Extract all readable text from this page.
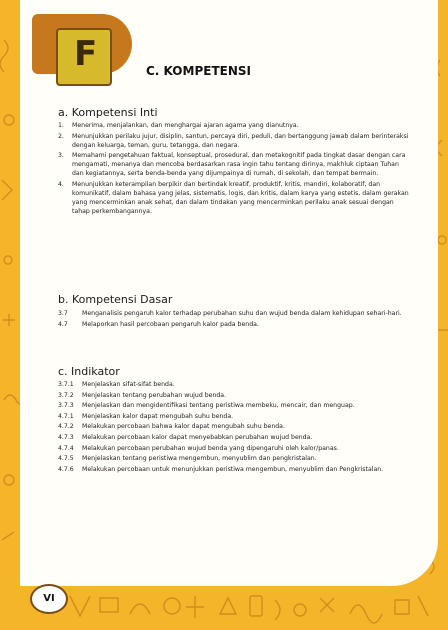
F	C. KOMPETENSI
a. Kompetensi Inti
1. Menerima, menjalankan, dan menghargai ajaran agama yang dianutnya.
2. Menunjukkan perilaku jujur, disiplin, santun, percaya diri, peduli, dan bertanggung jawab dalam berinteraksi dengan keluarga, teman, guru, tetangga, dan negara.
3. Memahami pengetahuan faktual, konseptual, prosedural, dan metakognitif pada tingkat dasar dengan cara mengamati, menanya dan mencoba berdasarkan rasa ingin tahu tentang dirinya, makhluk ciptaan Tuhan dan kegiatannya, serta benda-benda yang dijumpainya di rumah, di sekolah, dan tempat bermain.
4. Menunjukkan keterampilan berpikir dan bertindak kreatif, produktif, kritis, mandiri, kolaboratif, dan komunikatif, dalam bahasa yang jelas, sistematis, logis, dan kritis, dalam karya yang estetis, dalam gerakan yang mencerminkan anak sehat, dan dalam tindakan yang mencerminkan perilaku anak sesuai dengan tahap perkembangannya.
b. Kompetensi Dasar
3.7 Menganalisis pengaruh kalor terhadap perubahan suhu dan wujud benda dalam kehidupan sehari-hari.
4.7 Melaporkan hasil percobaan pengaruh kalor pada benda.
c. Indikator
3.7.1 Menjelaskan sifat-sifat benda.
3.7.2 Menjelaskan tentang perubahan wujud benda.
3.7.3 Menjelaskan dan mengidentifikasi tentang peristiwa membeku, mencair, dan menguap.
4.7.1 Menjelaskan kalor dapat mengubah suhu benda.
4.7.2 Melakukan percobaan bahwa kalor dapat mengubah suhu benda.
4.7.3 Melakukan percobaan kalor dapat menyebabkan perubahan wujud benda.
4.7.4 Melakukan percobaan perubahan wujud benda yang dipengaruhi oleh kalor/panas.
4.7.5 Menjelaskan tentang peristiwa mengembun, menyublim dan pengkristalan.
4.7.6 Melakukan percobaan untuk menunjukkan peristiwa mengembun, menyublim dan Pengkristalan.
VI
